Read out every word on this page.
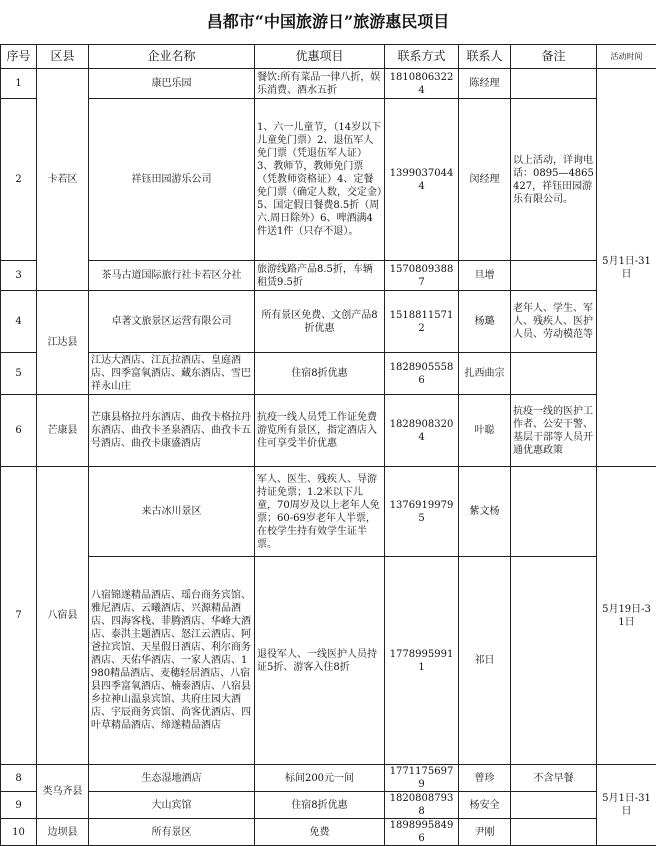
昌都市“中国旅游日”旅游惠民项目
序号	区县	企业名称	优惠项目	联系方式	联系人	备注	活动时间
1	卡若区	康巴乐园	餐饮:所有菜品一律八折，娱乐消费、酒水五折	18108063224	陈经理		5月1日-31日
2		祥钰田园游乐公司	1、六一儿童节，（14岁以下儿童免门票）2、退伍军人免门票（凭退伍军人证）3、教师节，教师免门票（凭教师资格证）4、定餐免门票（确定人数，交定金）5、国定假日餐费8.5折（周六.周日除外）6、啤酒满4件送1件（只存不退）。	13990370444	闵经理	以上活动，详询电话：0895—4865427，祥钰田园游乐有限公司。	
3		茶马古道国际旅行社卡若区分社	旅游线路产品8.5折，车辆租赁9.5折	15708093887	旦增		
4	江达县	卓著文旅景区运营有限公司	所有景区免费、文创产品8折优惠	15188115712	杨璐	老年人、学生、军人、残疾人、医护人员、劳动模范等	
5		江达大酒店、江瓦拉酒店、皇庭酒店、四季富氧酒店、藏东酒店、雪巴祥永山庄	住宿8折优惠	18289055586	扎西曲宗		
6	芒康县	芒康县格拉丹东酒店、曲孜卡格拉丹东酒店、曲孜卡圣泉酒店、曲孜卡五号酒店、曲孜卡康盛酒店	抗疫一线人员凭工作证免费游览所有景区，指定酒店入住可享受半价优惠	18289083204	叶聪	抗疫一线的医护工作者、公安干警、基层干部等人员开通优惠政策	
7	八宿县	来古冰川景区	军人、医生、残疾人、导游持证免票；1.2米以下儿童，70周岁及以上老年人免票；60-69岁老年人半票，在校学生持有效学生证半票。	13769199795	紫文杨		5月19日-31日
		八宿锦遂精品酒店、瑶台商务宾馆、雅尼酒店、云曦酒店、兴源精品酒店、四海客栈、菲腾酒店、华峰大酒店、泰洪主题酒店、怒江云酒店、阿爸拉宾馆、天星假日酒店、利尔商务酒店、天佑华酒店、一家人酒店、1980精品酒店、麦穗轻居酒店、八宿县四季富氧酒店、楠泰酒店、八宿县乡拉神山温泉宾馆、共府庄园大酒店、宇辰商务宾馆、尚客优酒店、四叶草精品酒店、缔遂精品酒店	退役军人、一线医护人员持证5折、游客入住8折	17789959911	祁日		
8	类乌齐县	生态湿地酒店	标间200元一间	17711756979	曾珍	不含早餐	5月1日-31日
9		大山宾馆	住宿8折优惠	18208087938	杨安全		
10	边坝县	所有景区	免费	18989958496	尹刚		
